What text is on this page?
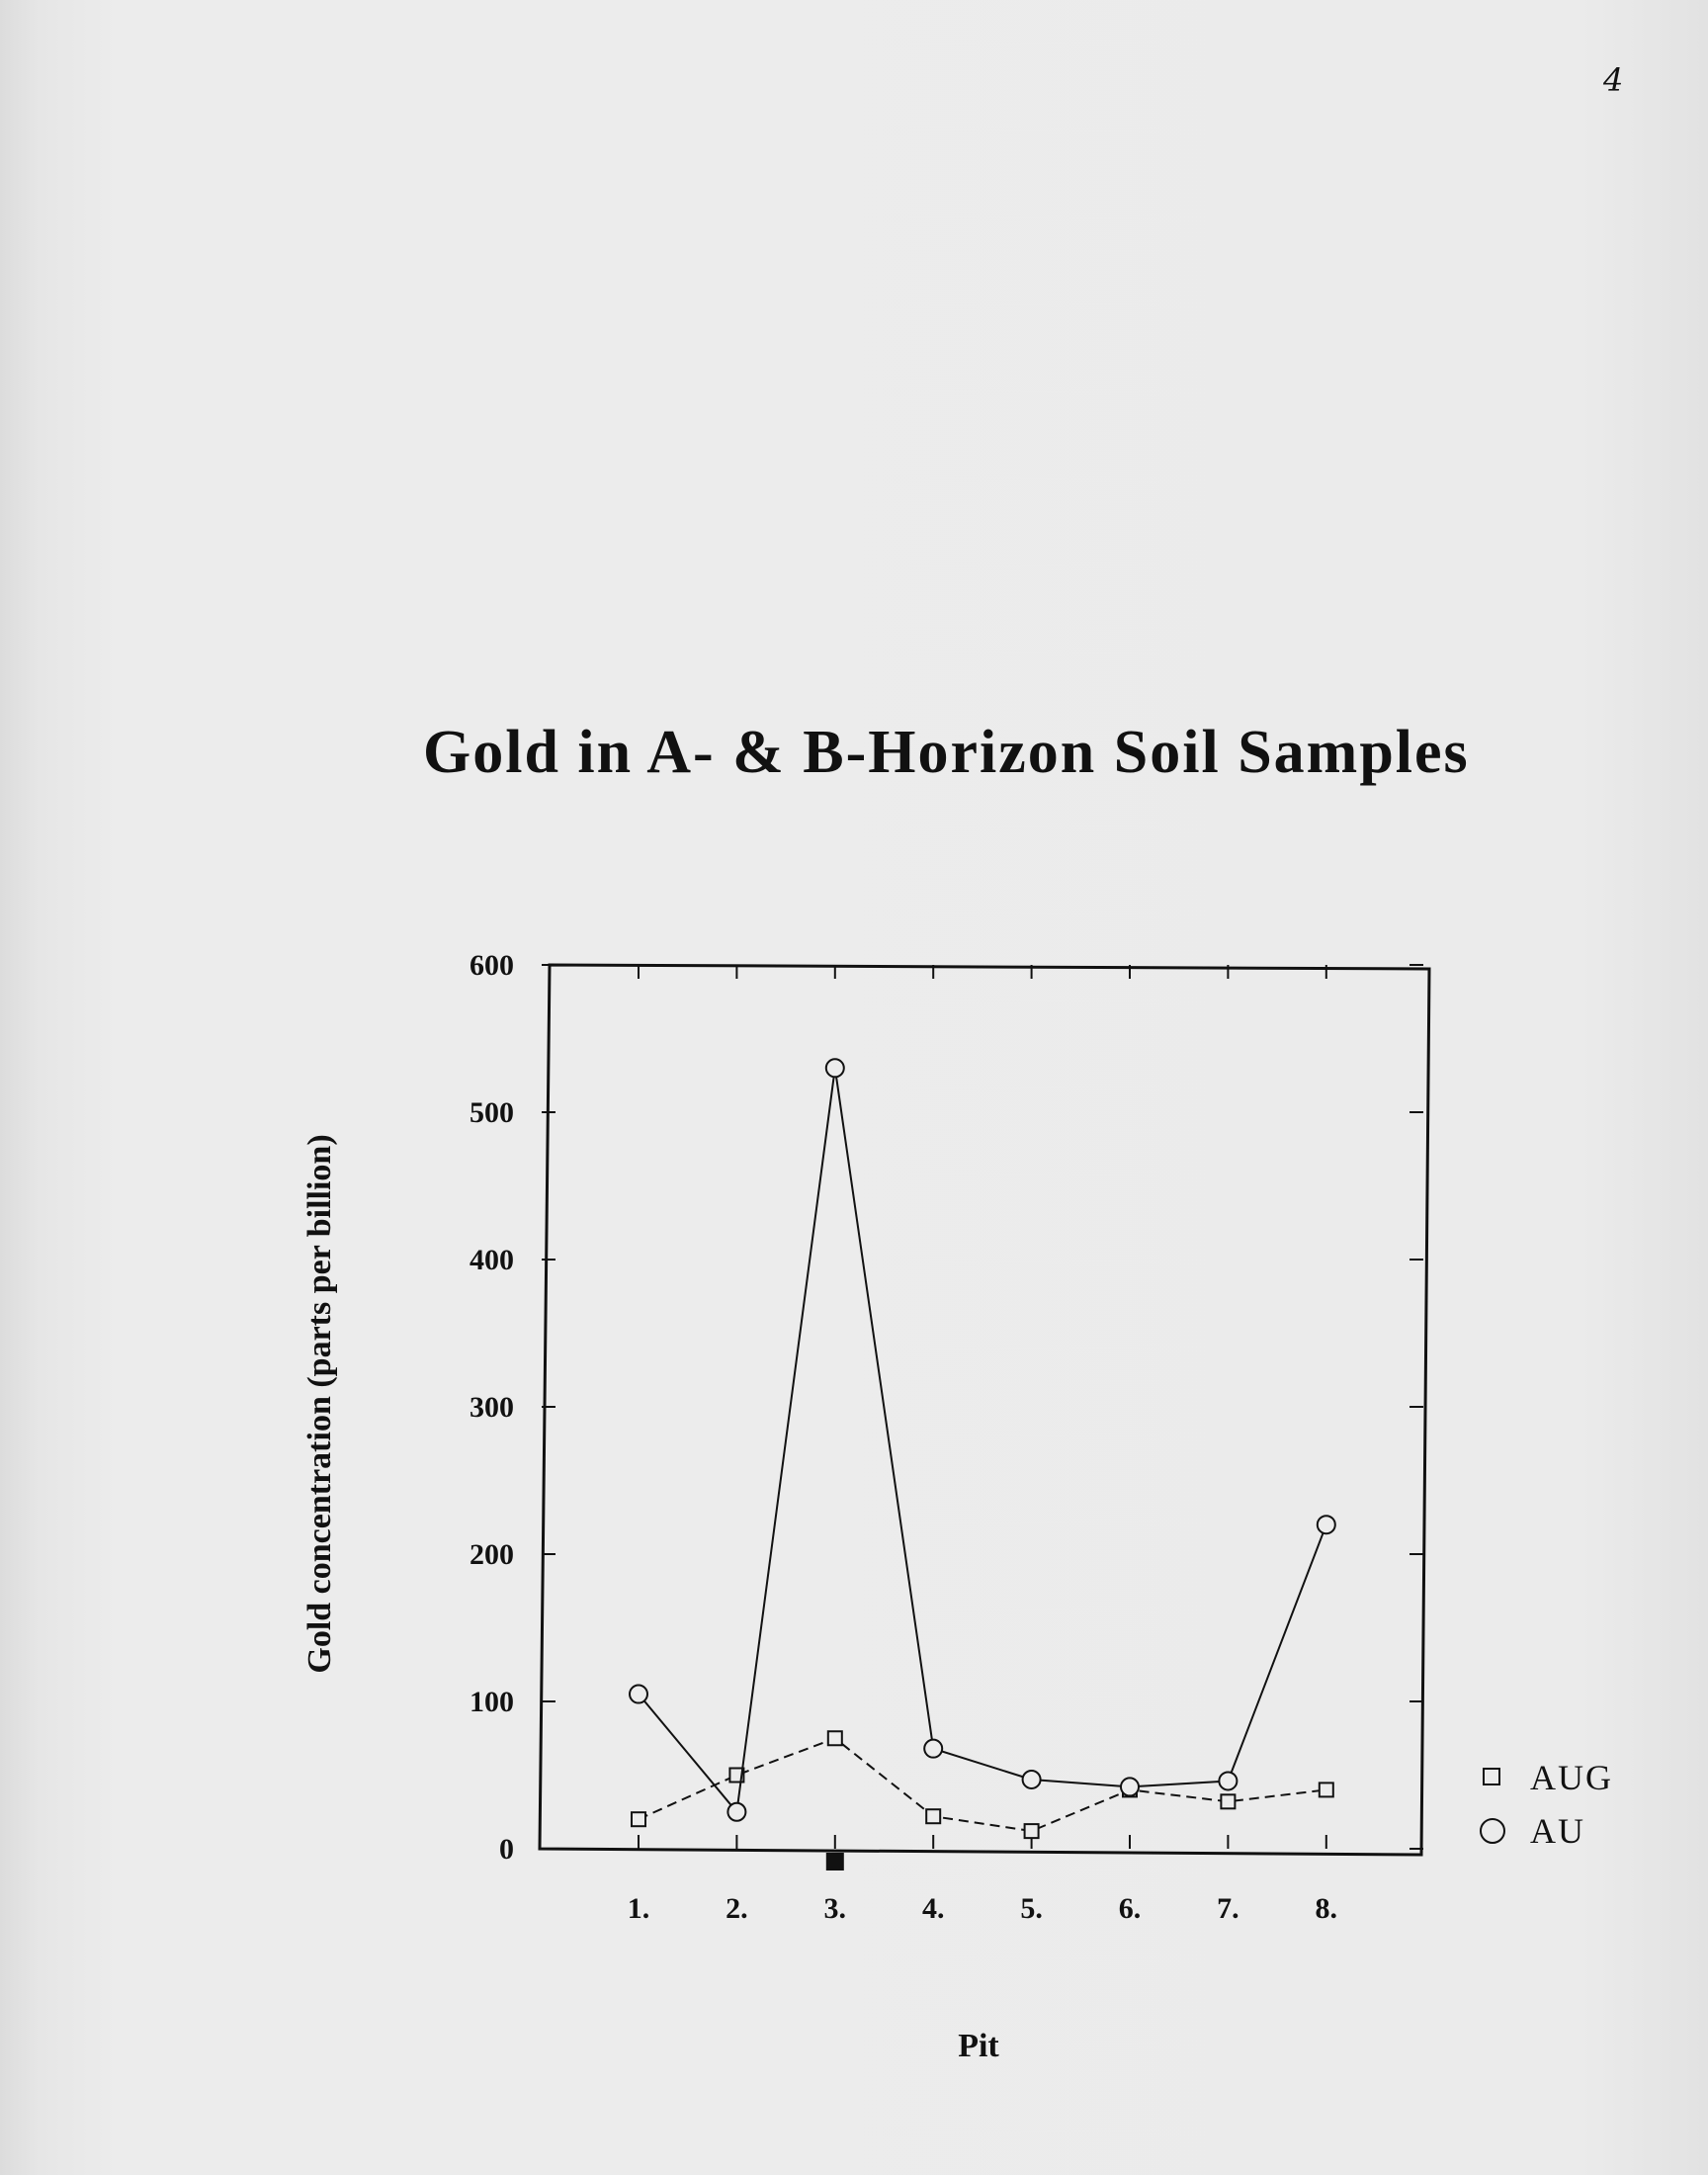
4
Gold in A- & B-Horizon Soil Samples
0
100
200
300
400
500
600
1.	2.	3.	4.	5.	6.	7.	8.
Pit
Gold concentration (parts per billion)
AUG
AU
